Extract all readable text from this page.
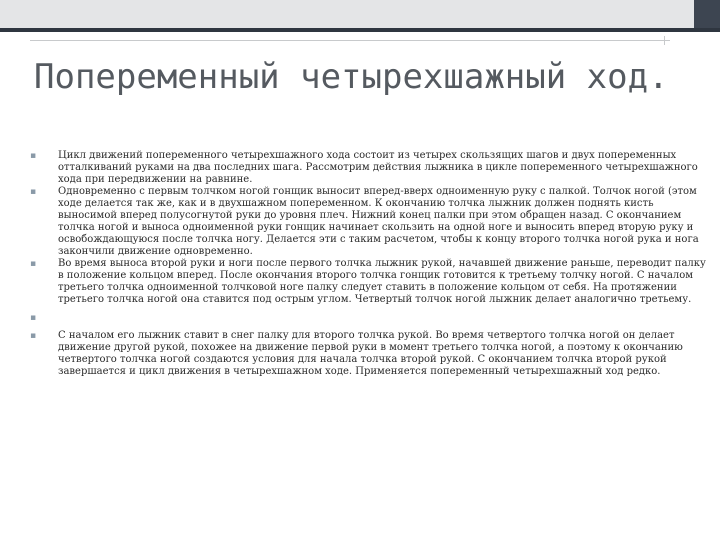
Попеременный четырехшажный ход.
▪	Цикл движений попеременного четырехшажного хода состоит из четырех скользящих шагов и двух попеременных отталкиваний руками на два последних шага. Рассмотрим действия лыжника в цикле попеременного четырехшажного хода при передвижении на равнине.
▪	Одновременно с первым толчком ногой гонщик выносит вперед-вверх одноименную руку с палкой. Толчок ногой (этом ходе делается так же, как и в двухшажном попеременном. К окончанию толчка лыжник должен поднять кисть выносимой вперед полусогнутой руки до уровня плеч. Нижний конец палки при этом обращен назад. С окончанием толчка ногой и выноса одноименной руки гонщик начинает скользить на одной ноге и выносить вперед вторую руку и освобождающуюся после толчка ногу. Делается эти с таким расчетом, чтобы к концу второго толчка ногой рука и нога закончили движение одновременно.
▪	Во время выноса второй руки и ноги после первого толчка лыжник рукой, начавшей движение раньше, переводит палку в положение кольцом вперед. После окончания второго толчка гонщик готовится к третьему толчку ногой. С началом третьего толчка одноименной толчковой ноге палку следует ставить в положение кольцом от себя. На протяжении третьего толчка ногой она ставится под острым углом. Четвертый толчок ногой лыжник делает аналогично третьему.
▪
▪	С началом его лыжник ставит в снег палку для второго толчка рукой. Во время четвертого толчка ногой он делает движение другой рукой, похожее на движение первой руки в момент третьего толчка ногой, а поэтому к окончанию четвертого толчка ногой создаются условия для начала толчка второй рукой. С окончанием толчка второй рукой завершается и цикл движения в четырехшажном ходе. Применяется попеременный четырехшажный ход редко.
